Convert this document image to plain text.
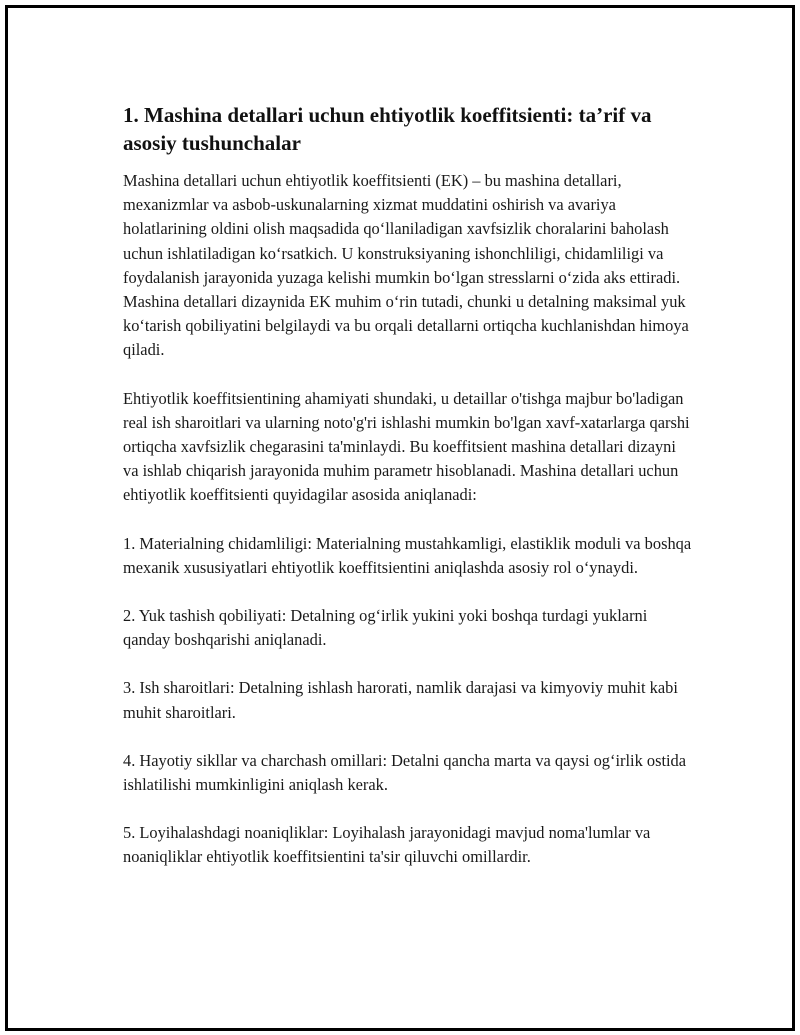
1. Mashina detallari uchun ehtiyotlik koeffitsienti: ta’rif va asosiy tushunchalar

Mashina detallari uchun ehtiyotlik koeffitsienti (EK) – bu mashina detallari, mexanizmlar va asbob-uskunalarning xizmat muddatini oshirish va avariya holatlarining oldini olish maqsadida qo‘llaniladigan xavfsizlik choralarini baholash uchun ishlatiladigan ko‘rsatkich. U konstruksiyaning ishonchliligi, chidamliligi va foydalanish jarayonida yuzaga kelishi mumkin bo‘lgan stresslarni o‘zida aks ettiradi. Mashina detallari dizaynida EK muhim o‘rin tutadi, chunki u detalning maksimal yuk ko‘tarish qobiliyatini belgilaydi va bu orqali detallarni ortiqcha kuchlanishdan himoya qiladi.

Ehtiyotlik koeffitsientining ahamiyati shundaki, u detaillar o'tishga majbur bo'ladigan real ish sharoitlari va ularning noto'g'ri ishlashi mumkin bo'lgan xavf-xatarlarga qarshi ortiqcha xavfsizlik chegarasini ta'minlaydi. Bu koeffitsient mashina detallari dizayni va ishlab chiqarish jarayonida muhim parametr hisoblanadi. Mashina detallari uchun ehtiyotlik koeffitsienti quyidagilar asosida aniqlanadi:

1. Materialning chidamliligi: Materialning mustahkamligi, elastiklik moduli va boshqa mexanik xususiyatlari ehtiyotlik koeffitsientini aniqlashda asosiy rol o‘ynaydi.

2. Yuk tashish qobiliyati: Detalning og‘irlik yukini yoki boshqa turdagi yuklarni qanday boshqarishi aniqlanadi.

3. Ish sharoitlari: Detalning ishlash harorati, namlik darajasi va kimyoviy muhit kabi muhit sharoitlari.

4. Hayotiy sikllar va charchash omillari: Detalni qancha marta va qaysi og‘irlik ostida ishlatilishi mumkinligini aniqlash kerak.

5. Loyihalashdagi noaniqliklar: Loyihalash jarayonidagi mavjud noma'lumlar va noaniqliklar ehtiyotlik koeffitsientini ta'sir qiluvchi omillardir.
